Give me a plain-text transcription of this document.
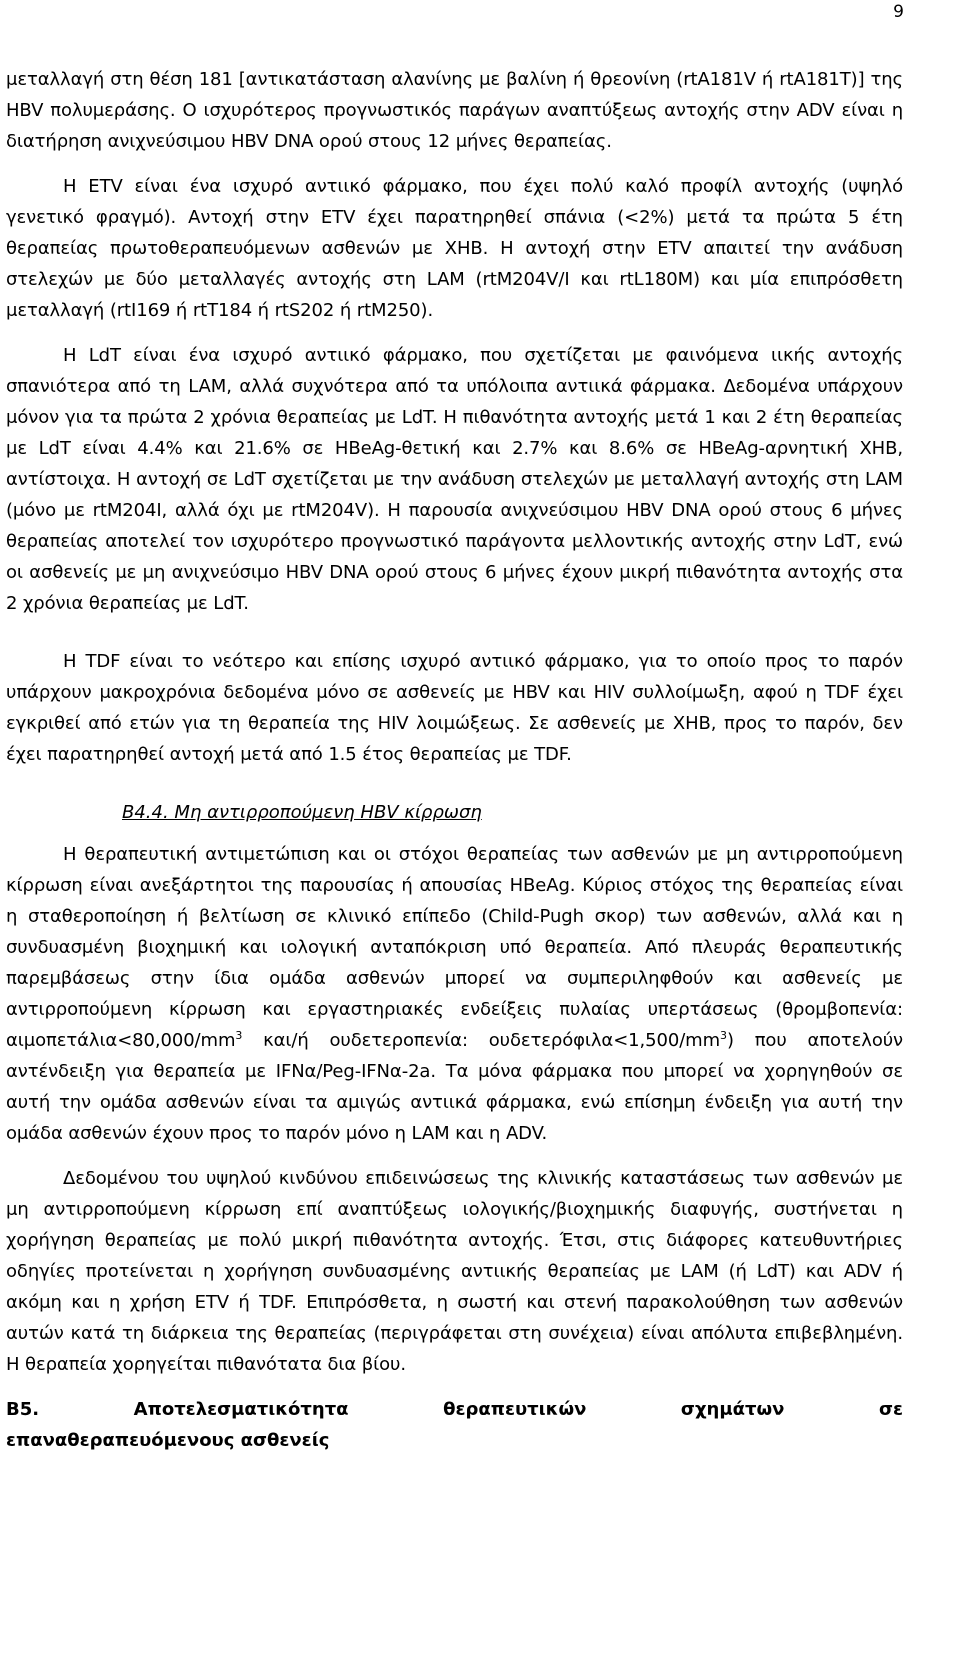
9

μεταλλαγή στη θέση 181 [αντικατάσταση αλανίνης με βαλίνη ή θρεονίνη (rtA181V ή rtA181T)] της HBV πολυμεράσης. Ο ισχυρότερος προγνωστικός παράγων αναπτύξεως αντοχής στην ADV είναι η διατήρηση ανιχνεύσιμου HBV DNA ορού στους 12 μήνες θεραπείας.

Η ETV είναι ένα ισχυρό αντιικό φάρμακο, που έχει πολύ καλό προφίλ αντοχής (υψηλό γενετικό φραγμό). Αντοχή στην ETV έχει παρατηρηθεί σπάνια (<2%) μετά τα πρώτα 5 έτη θεραπείας πρωτοθεραπευόμενων ασθενών με ΧΗΒ. Η αντοχή στην ETV απαιτεί την ανάδυση στελεχών με δύο μεταλλαγές αντοχής στη LAM (rtM204V/I και rtL180M) και μία επιπρόσθετη μεταλλαγή (rtI169 ή rtT184 ή rtS202 ή rtM250).

Η LdT είναι ένα ισχυρό αντιικό φάρμακο, που σχετίζεται με φαινόμενα ιικής αντοχής σπανιότερα από τη LAM, αλλά συχνότερα από τα υπόλοιπα αντιικά φάρμακα. Δεδομένα υπάρχουν μόνον για τα πρώτα 2 χρόνια θεραπείας με LdT. Η πιθανότητα αντοχής μετά 1 και 2 έτη θεραπείας με LdT είναι 4.4% και 21.6% σε HBeAg-θετική και 2.7% και 8.6% σε HBeAg-αρνητική ΧΗΒ, αντίστοιχα. Η αντοχή σε LdT σχετίζεται με την ανάδυση στελεχών με μεταλλαγή αντοχής στη LAM (μόνο με rtM204I, αλλά όχι με rtM204V). Η παρουσία ανιχνεύσιμου HBV DNA ορού στους 6 μήνες θεραπείας αποτελεί τον ισχυρότερο προγνωστικό παράγοντα μελλοντικής αντοχής στην LdT, ενώ οι ασθενείς με μη ανιχνεύσιμο HBV DNA ορού στους 6 μήνες έχουν μικρή πιθανότητα αντοχής στα 2 χρόνια θεραπείας με LdT.

Η TDF είναι το νεότερο και επίσης ισχυρό αντιικό φάρμακο, για το οποίο προς το παρόν υπάρχουν μακροχρόνια δεδομένα μόνο σε ασθενείς με HBV και HIV συλλοίμωξη, αφού η TDF έχει εγκριθεί από ετών για τη θεραπεία της HIV λοιμώξεως. Σε ασθενείς με ΧΗΒ, προς το παρόν, δεν έχει παρατηρηθεί αντοχή μετά από 1.5 έτος θεραπείας με TDF.

B4.4. Μη αντιρροπούμενη HBV κίρρωση

Η θεραπευτική αντιμετώπιση και οι στόχοι θεραπείας των ασθενών με μη αντιρροπούμενη κίρρωση είναι ανεξάρτητοι της παρουσίας ή απουσίας HBeAg. Κύριος στόχος της θεραπείας είναι η σταθεροποίηση ή βελτίωση σε κλινικό επίπεδο (Child-Pugh σκορ) των ασθενών, αλλά και η συνδυασμένη βιοχημική και ιολογική ανταπόκριση υπό θεραπεία. Από πλευράς θεραπευτικής παρεμβάσεως στην ίδια ομάδα ασθενών μπορεί να συμπεριληφθούν και ασθενείς με αντιρροπούμενη κίρρωση και εργαστηριακές ενδείξεις πυλαίας υπερτάσεως (θρομβοπενία: $\alpha\iota\mu o\pi\varepsilon\tau ά\lambda\iota\alpha<80,000/mm^3$ και/ή ουδετεροπενία: $o\upsilon\delta\varepsilon\tau\varepsilon\rho ό\varphi\iota\lambda\alpha<1,500/mm^3$) που αποτελούν αντένδειξη για θεραπεία με IFNα/Peg-IFNα-2a. Τα μόνα φάρμακα που μπορεί να χορηγηθούν σε αυτή την ομάδα ασθενών είναι τα αμιγώς αντιικά φάρμακα, ενώ επίσημη ένδειξη για αυτή την ομάδα ασθενών έχουν προς το παρόν μόνο η LAM και η ADV.

Δεδομένου του υψηλού κινδύνου επιδεινώσεως της κλινικής καταστάσεως των ασθενών με μη αντιρροπούμενη κίρρωση επί αναπτύξεως ιολογικής/βιοχημικής διαφυγής, συστήνεται η χορήγηση θεραπείας με πολύ μικρή πιθανότητα αντοχής. Έτσι, στις διάφορες κατευθυντήριες οδηγίες προτείνεται η χορήγηση συνδυασμένης αντιικής θεραπείας με LAM (ή LdT) και ADV ή ακόμη και η χρήση ETV ή TDF. Επιπρόσθετα, η σωστή και στενή παρακολούθηση των ασθενών αυτών κατά τη διάρκεια της θεραπείας (περιγράφεται στη συνέχεια) είναι απόλυτα επιβεβλημένη. Η θεραπεία χορηγείται πιθανότατα δια βίου.

B5. Αποτελεσματικότητα θεραπευτικών σχημάτων σε
επαναθεραπευόμενους ασθενείς
